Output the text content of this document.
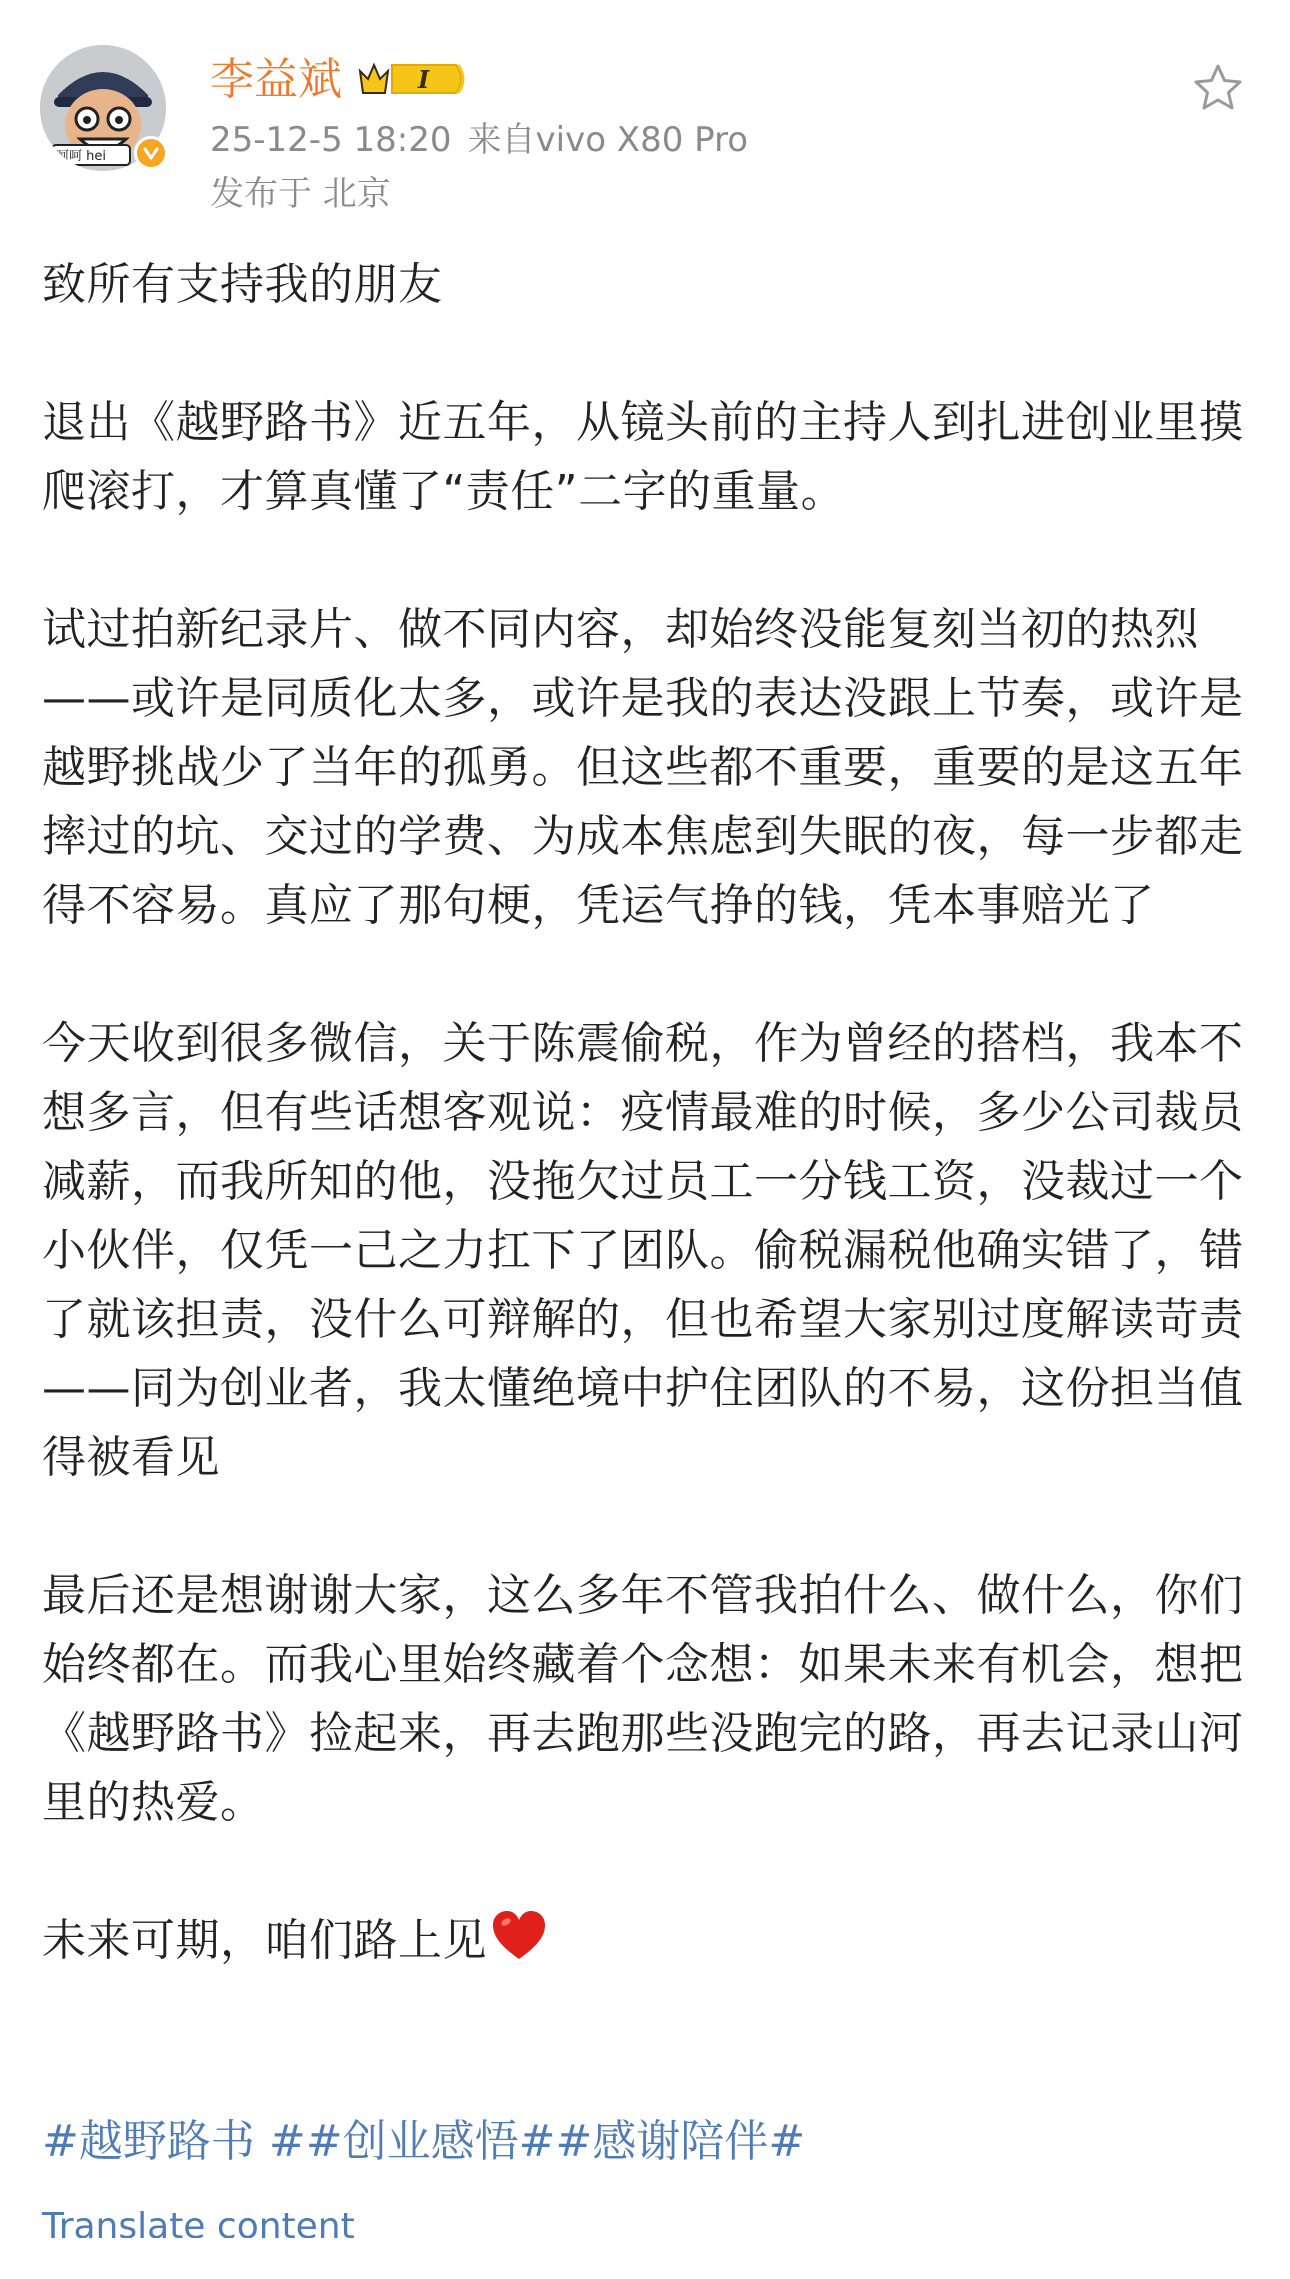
呵呵 hei
李益斌	I
25-12-5 18:20 来自vivo X80 Pro
发布于 北京

致所有支持我的朋友

退出《越野路书》近五年，从镜头前的主持人到扎进创业里摸爬滚打，才算真懂了“责任”二字的重量。

试过拍新纪录片、做不同内容，却始终没能复刻当初的热烈——或许是同质化太多，或许是我的表达没跟上节奏，或许是越野挑战少了当年的孤勇。但这些都不重要，重要的是这五年摔过的坑、交过的学费、为成本焦虑到失眠的夜，每一步都走得不容易。真应了那句梗，凭运气挣的钱，凭本事赔光了

今天收到很多微信，关于陈震偷税，作为曾经的搭档，我本不想多言，但有些话想客观说：疫情最难的时候，多少公司裁员减薪，而我所知的他，没拖欠过员工一分钱工资，没裁过一个小伙伴，仅凭一己之力扛下了团队。偷税漏税他确实错了，错了就该担责，没什么可辩解的，但也希望大家别过度解读苛责——同为创业者，我太懂绝境中护住团队的不易，这份担当值得被看见

最后还是想谢谢大家，这么多年不管我拍什么、做什么，你们始终都在。而我心里始终藏着个念想：如果未来有机会，想把《越野路书》捡起来，再去跑那些没跑完的路，再去记录山河里的热爱。

未来可期，咱们路上见

#越野路书 ##创业感悟##感谢陪伴#
Translate content
